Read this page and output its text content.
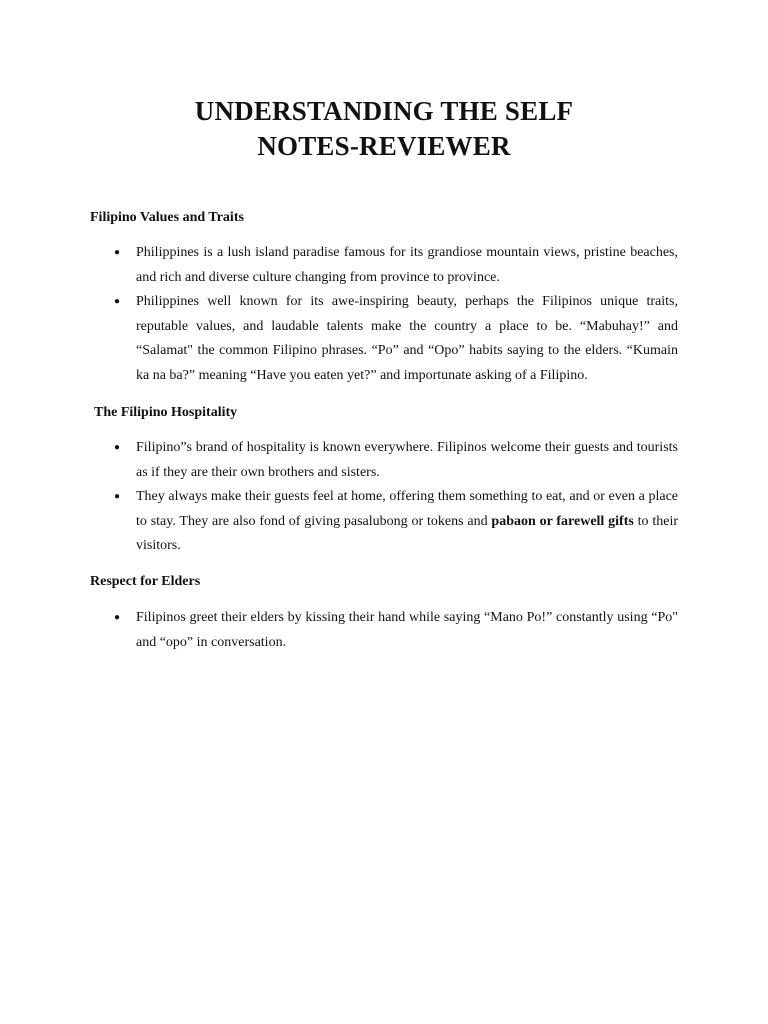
UNDERSTANDING THE SELF
NOTES-REVIEWER
Filipino Values and Traits
● Philippines is a lush island paradise famous for its grandiose mountain views, pristine beaches, and rich and diverse culture changing from province to province.
● Philippines well known for its awe-inspiring beauty, perhaps the Filipinos unique traits, reputable values, and laudable talents make the country a place to be. “Mabuhay!” and “Salamat" the common Filipino phrases. “Po” and “Opo” habits saying to the elders. “Kumain ka na ba?” meaning “Have you eaten yet?” and importunate asking of a Filipino.
The Filipino Hospitality
● Filipino”s brand of hospitality is known everywhere. Filipinos welcome their guests and tourists as if they are their own brothers and sisters.
● They always make their guests feel at home, offering them something to eat, and or even a place to stay. They are also fond of giving pasalubong or tokens and pabaon or farewell gifts to their visitors.
Respect for Elders
● Filipinos greet their elders by kissing their hand while saying “Mano Po!” constantly using “Po" and “opo” in conversation.
